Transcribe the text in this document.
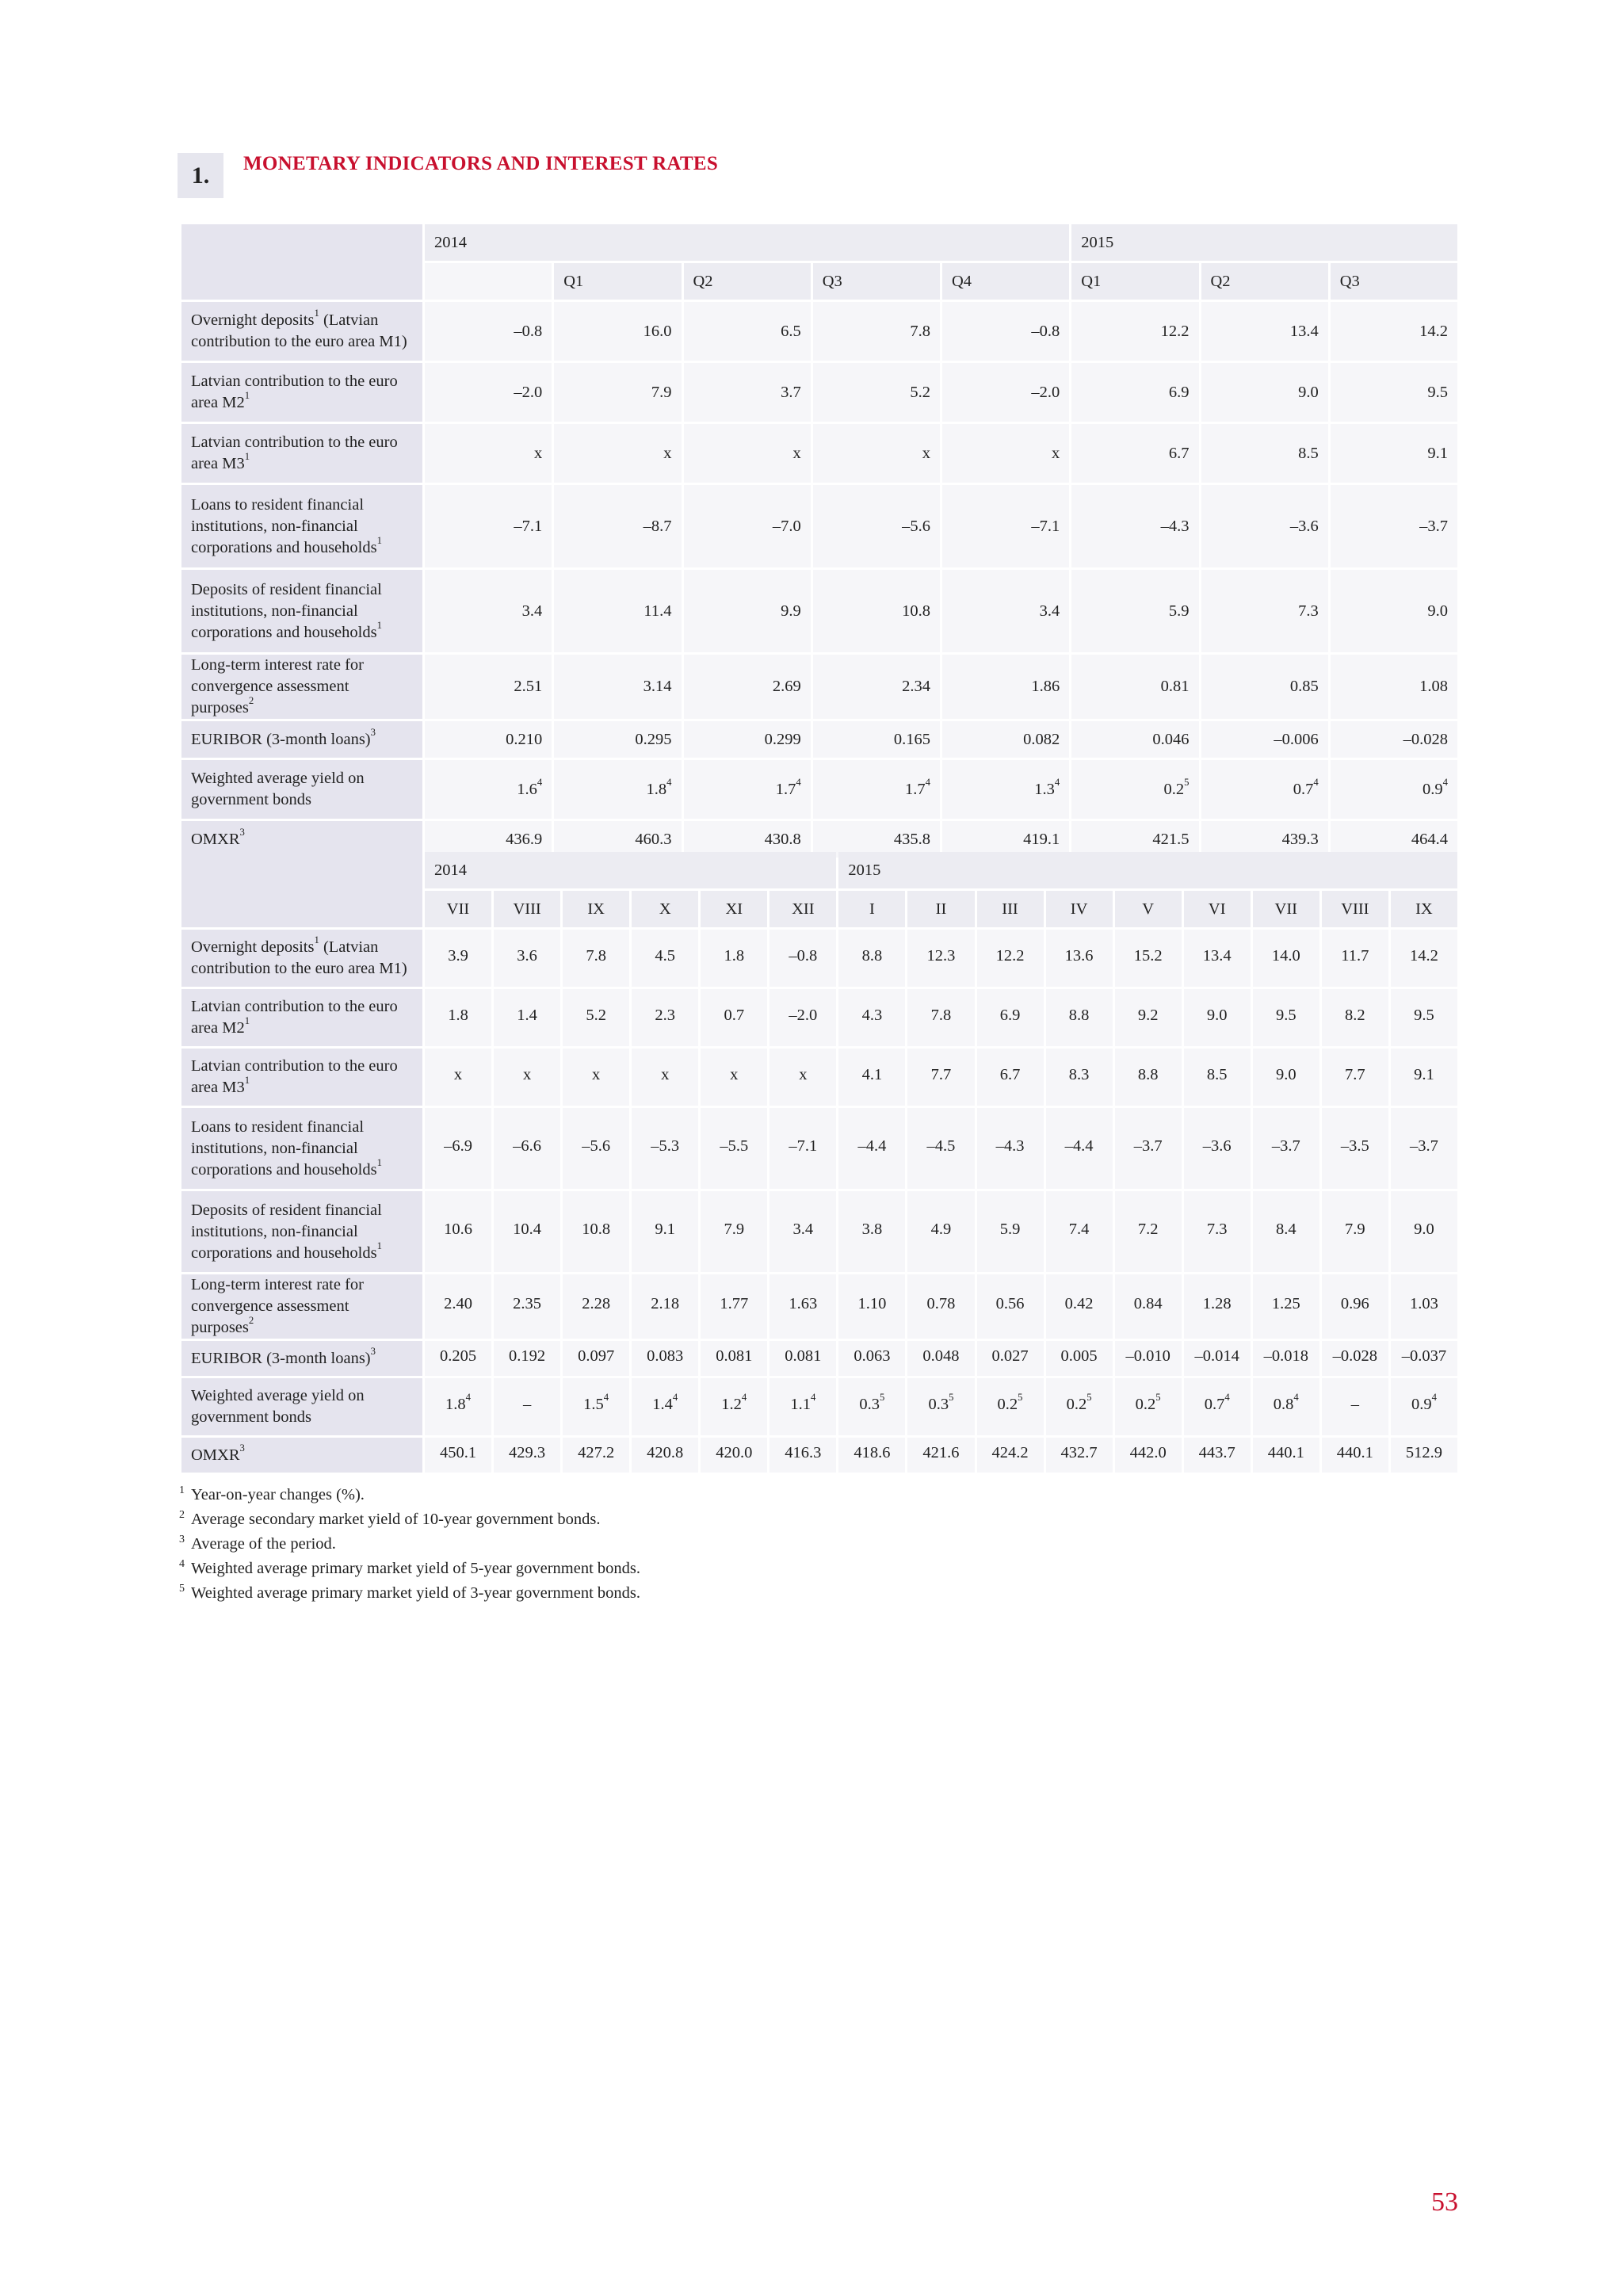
1.	MONETARY INDICATORS AND INTEREST RATES
	2014					2015		
		Q1	Q2	Q3	Q4	Q1	Q2	Q3
Overnight deposits$^1$ (Latvian contribution to the euro area M1)	–0.8	16.0	6.5	7.8	–0.8	12.2	13.4	14.2
Latvian contribution to the euro area $M2^1$	–2.0	7.9	3.7	5.2	–2.0	6.9	9.0	9.5
Latvian contribution to the euro area $M3^1$	x	x	x	x	x	6.7	8.5	9.1
Loans to resident financial institutions, non-financial corporations and households$^1$	–7.1	–8.7	–7.0	–5.6	–7.1	–4.3	–3.6	–3.7
Deposits of resident financial institutions, non-financial corporations and households$^1$	3.4	11.4	9.9	10.8	3.4	5.9	7.3	9.0
Long-term interest rate for convergence assessment purposes$^2$	2.51	3.14	2.69	2.34	1.86	0.81	0.85	1.08
EURIBOR (3-month loans)$^3$	0.210	0.295	0.299	0.165	0.082	0.046	–0.006	–0.028
Weighted average yield on government bonds	$1.6^4$	$1.8^4$	$1.7^4$	$1.7^4$	$1.3^4$	$0.2^5$	$0.7^4$	$0.9^4$
OMXR$^3$	436.9	460.3	430.8	435.8	419.1	421.5	439.3	464.4
	2014						2015								
	VII	VIII	IX	X	XI	XII	I	II	III	IV	V	VI	VII	VIII	IX
Overnight deposits$^1$ (Latvian contribution to the euro area M1)	3.9	3.6	7.8	4.5	1.8	–0.8	8.8	12.3	12.2	13.6	15.2	13.4	14.0	11.7	14.2
Latvian contribution to the euro area $M2^1$	1.8	1.4	5.2	2.3	0.7	–2.0	4.3	7.8	6.9	8.8	9.2	9.0	9.5	8.2	9.5
Latvian contribution to the euro area $M3^1$	x	x	x	x	x	x	4.1	7.7	6.7	8.3	8.8	8.5	9.0	7.7	9.1
Loans to resident financial institutions, non-financial corporations and households$^1$	–6.9	–6.6	–5.6	–5.3	–5.5	–7.1	–4.4	–4.5	–4.3	–4.4	–3.7	–3.6	–3.7	–3.5	–3.7
Deposits of resident financial institutions, non-financial corporations and households$^1$	10.6	10.4	10.8	9.1	7.9	3.4	3.8	4.9	5.9	7.4	7.2	7.3	8.4	7.9	9.0
Long-term interest rate for convergence assessment purposes$^2$	2.40	2.35	2.28	2.18	1.77	1.63	1.10	0.78	0.56	0.42	0.84	1.28	1.25	0.96	1.03
EURIBOR (3-month loans)$^3$	0.205	0.192	0.097	0.083	0.081	0.081	0.063	0.048	0.027	0.005	–0.010	–0.014	–0.018	–0.028	–0.037
Weighted average yield on government bonds	$1.8^4$	–	$1.5^4$	$1.4^4$	$1.2^4$	$1.1^4$	$0.3^5$	$0.3^5$	$0.2^5$	$0.2^5$	$0.2^5$	$0.7^4$	$0.8^4$	–	$0.9^4$
OMXR$^3$	450.1	429.3	427.2	420.8	420.0	416.3	418.6	421.6	424.2	432.7	442.0	443.7	440.1	440.1	512.9
$^1$ Year-on-year changes (%).
$^2$ Average secondary market yield of 10-year government bonds.
$^3$ Average of the period.
$^4$ Weighted average primary market yield of 5-year government bonds.
$^5$ Weighted average primary market yield of 3-year government bonds.
53
